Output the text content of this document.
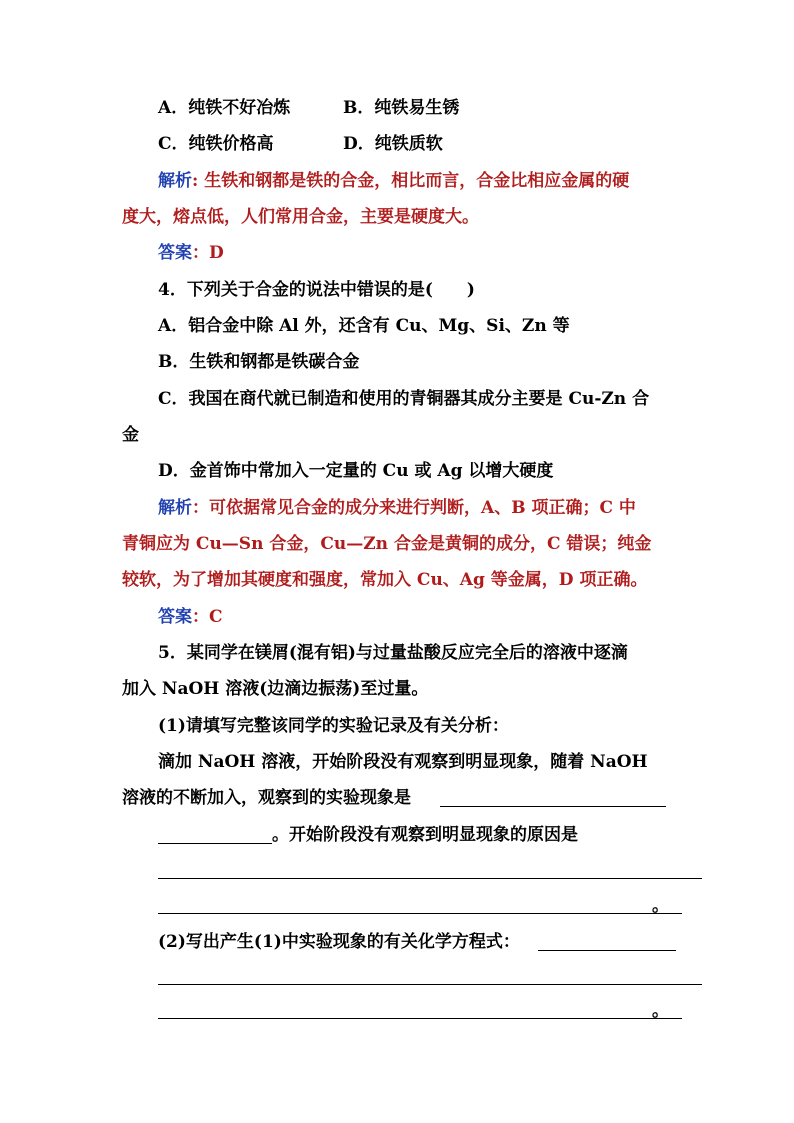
A．纯铁不好冶炼	B．纯铁易生锈
C．纯铁价格高	D．纯铁质软
解析: 生铁和钢都是铁的合金，相比而言，合金比相应金属的硬
度大，熔点低，人们常用合金，主要是硬度大。
答案：D
4．下列关于合金的说法中错误的是(　　)
A．铝合金中除 Al 外，还含有 Cu、Mg、Si、Zn 等
B．生铁和钢都是铁碳合金
C．我国在商代就已制造和使用的青铜器其成分主要是 Cu-Zn 合
金
D．金首饰中常加入一定量的 Cu 或 Ag 以增大硬度
解析：可依据常见合金的成分来进行判断，A、B 项正确；C 中
青铜应为 Cu—Sn 合金，Cu—Zn 合金是黄铜的成分，C 错误；纯金
较软，为了增加其硬度和强度，常加入 Cu、Ag 等金属，D 项正确。
答案：C
5．某同学在镁屑(混有铝)与过量盐酸反应完全后的溶液中逐滴
加入 NaOH 溶液(边滴边振荡)至过量。
(1)请填写完整该同学的实验记录及有关分析：
滴加 NaOH 溶液，开始阶段没有观察到明显现象，随着 NaOH
溶液的不断加入，观察到的实验现象是
。开始阶段没有观察到明显现象的原因是
。
(2)写出产生(1)中实验现象的有关化学方程式：
。
